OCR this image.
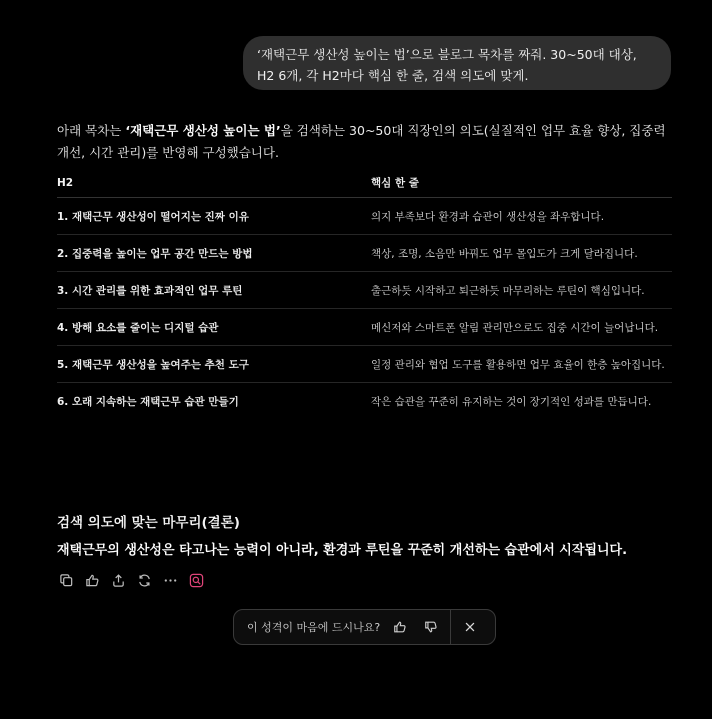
‘재택근무 생산성 높이는 법’으로 블로그 목차를 짜줘. 30~50대 대상, H2 6개, 각 H2마다 핵심 한 줄, 검색 의도에 맞게.
아래 목차는 ‘재택근무 생산성 높이는 법’을 검색하는 30~50대 직장인의 의도(실질적인 업무 효율 향상, 집중력 개선, 시간 관리)를 반영해 구성했습니다.
H2	핵심 한 줄
1. 재택근무 생산성이 떨어지는 진짜 이유	의지 부족보다 환경과 습관이 생산성을 좌우합니다.
2. 집중력을 높이는 업무 공간 만드는 방법	책상, 조명, 소음만 바꿔도 업무 몰입도가 크게 달라집니다.
3. 시간 관리를 위한 효과적인 업무 루틴	출근하듯 시작하고 퇴근하듯 마무리하는 루틴이 핵심입니다.
4. 방해 요소를 줄이는 디지털 습관	메신저와 스마트폰 알림 관리만으로도 집중 시간이 늘어납니다.
5. 재택근무 생산성을 높여주는 추천 도구	일정 관리와 협업 도구를 활용하면 업무 효율이 한층 높아집니다.
6. 오래 지속하는 재택근무 습관 만들기	작은 습관을 꾸준히 유지하는 것이 장기적인 성과를 만듭니다.
검색 의도에 맞는 마무리(결론)
재택근무의 생산성은 타고나는 능력이 아니라, 환경과 루틴을 꾸준히 개선하는 습관에서 시작됩니다.
이 성격이 마음에 드시나요?
